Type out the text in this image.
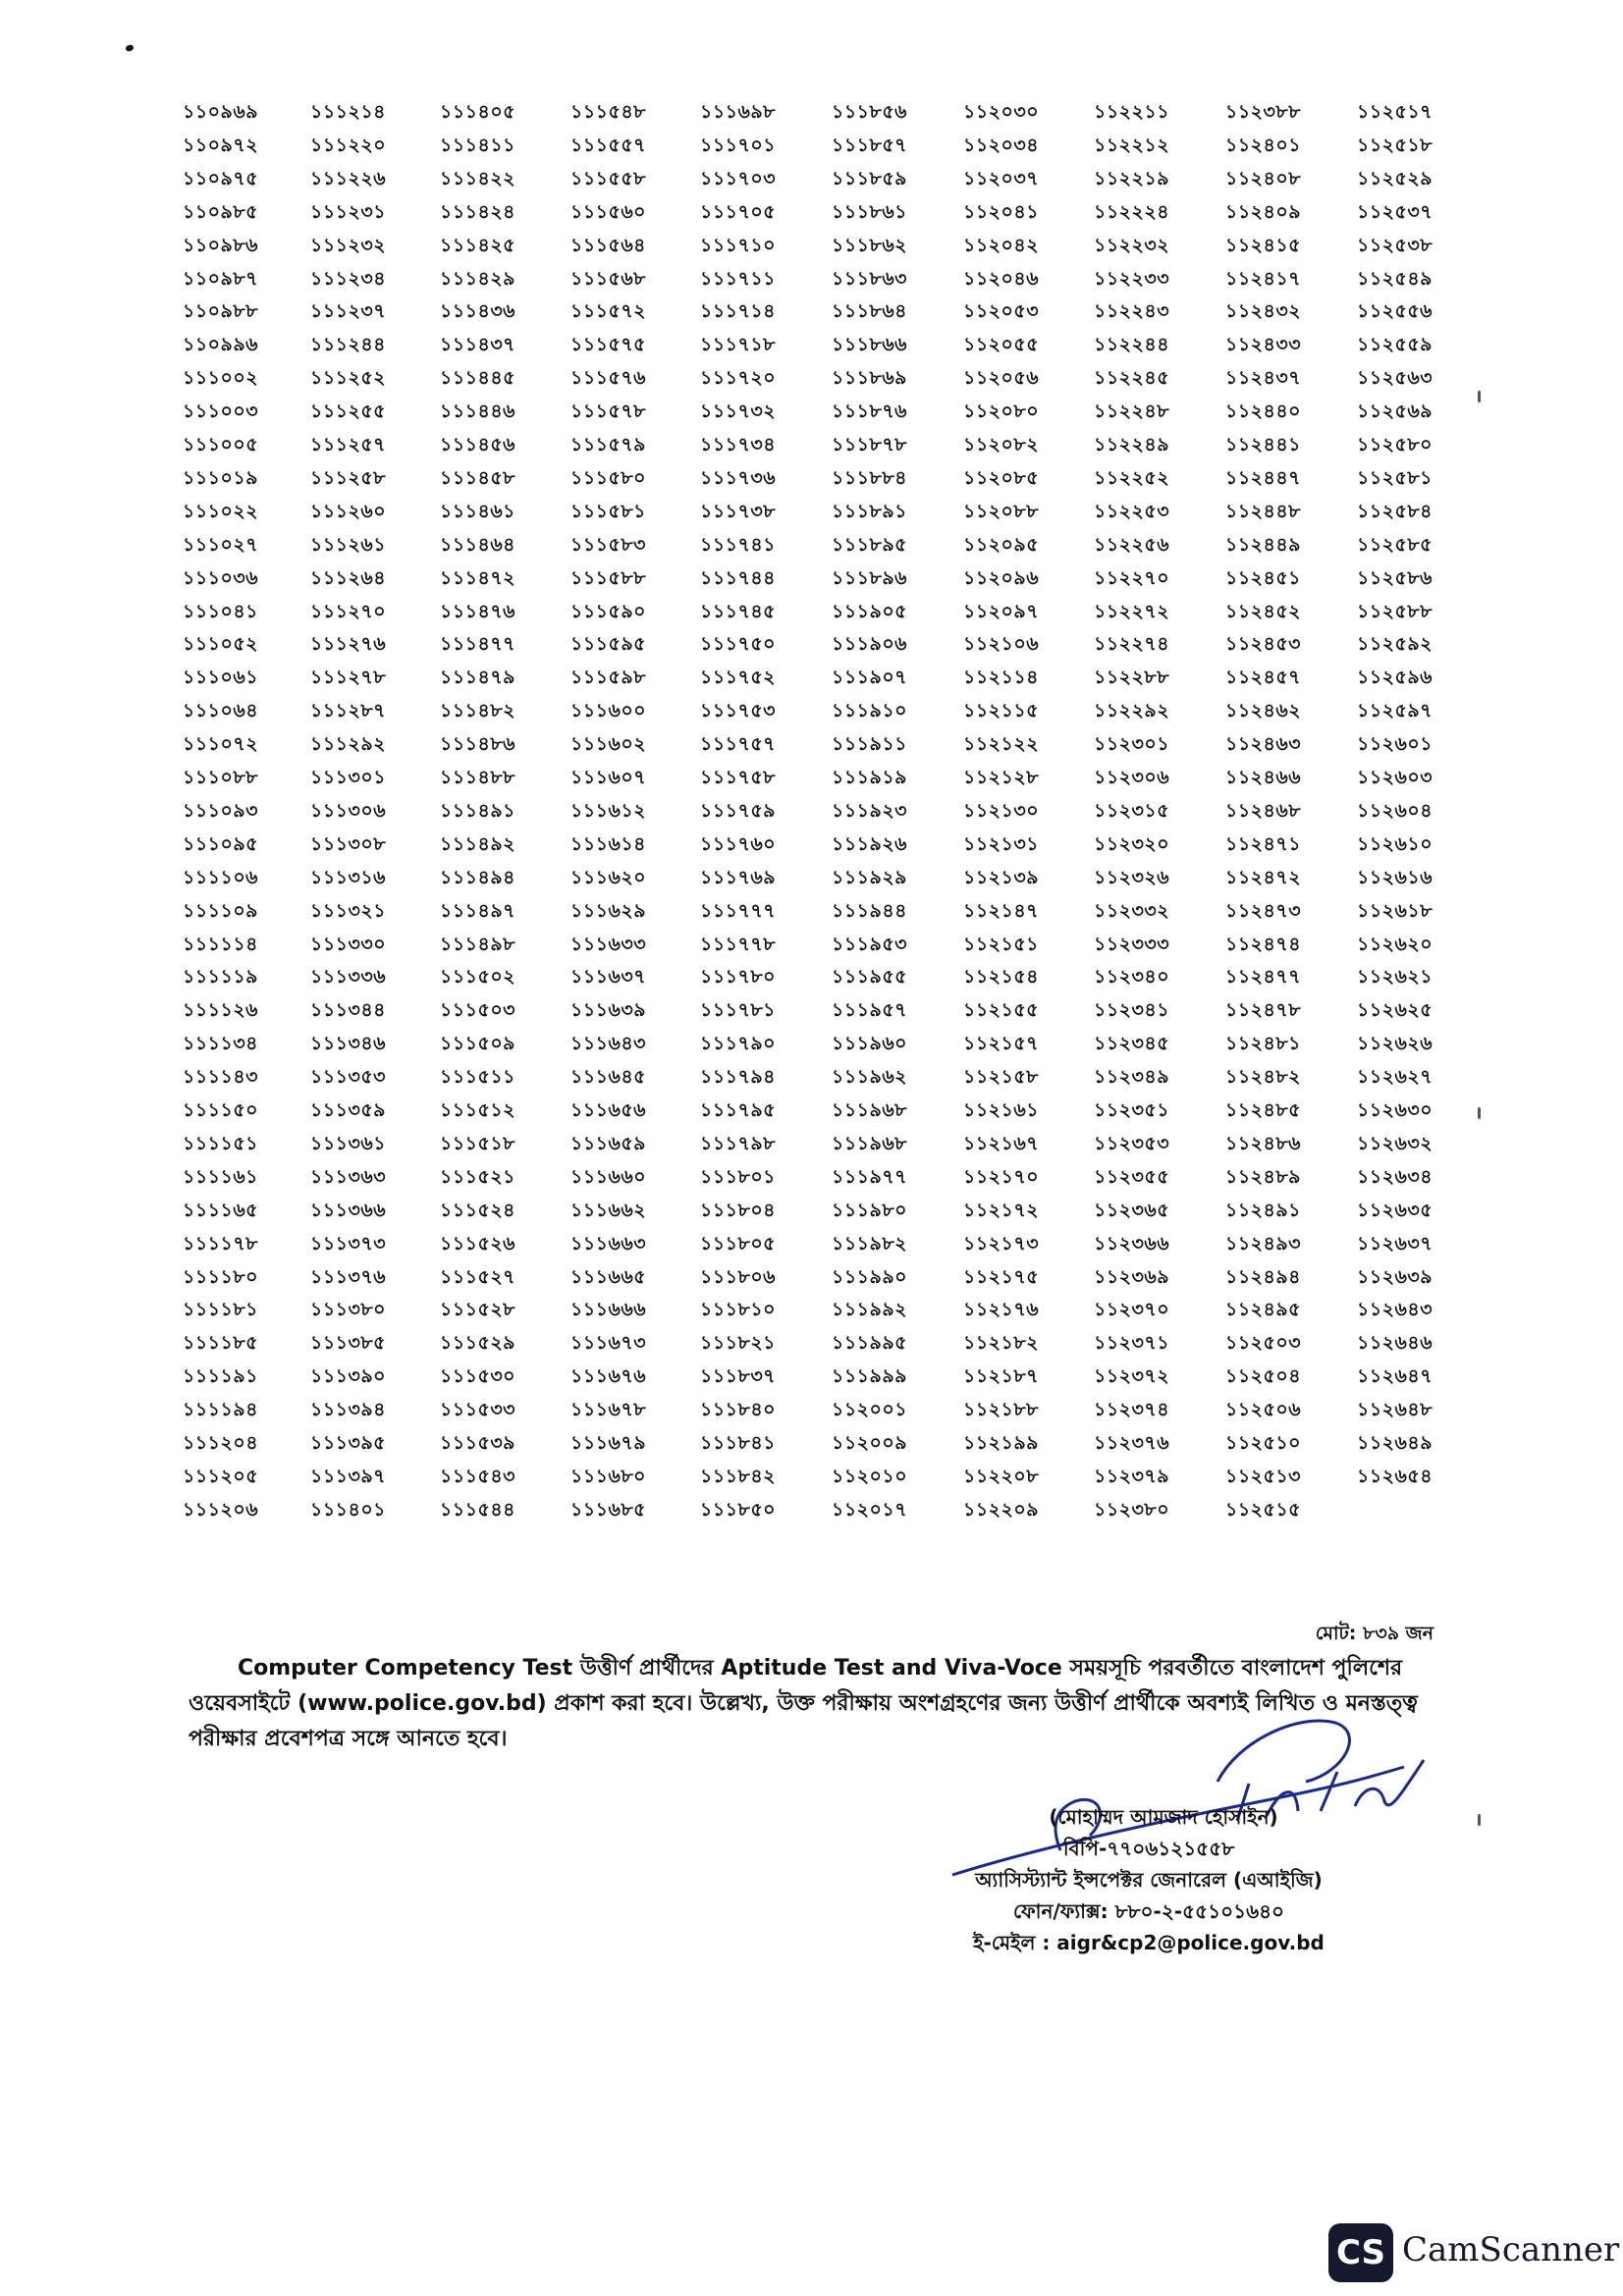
১১০৯৬৯
১১০৯৭২
১১০৯৭৫
১১০৯৮৫
১১০৯৮৬
১১০৯৮৭
১১০৯৮৮
১১০৯৯৬
১১১০০২
১১১০০৩
১১১০০৫
১১১০১৯
১১১০২২
১১১০২৭
১১১০৩৬
১১১০৪১
১১১০৫২
১১১০৬১
১১১০৬৪
১১১০৭২
১১১০৮৮
১১১০৯৩
১১১০৯৫
১১১১০৬
১১১১০৯
১১১১১৪
১১১১১৯
১১১১২৬
১১১১৩৪
১১১১৪৩
১১১১৫০
১১১১৫১
১১১১৬১
১১১১৬৫
১১১১৭৮
১১১১৮০
১১১১৮১
১১১১৮৫
১১১১৯১
১১১১৯৪
১১১২০৪
১১১২০৫
১১১২০৬
১১১২১৪
১১১২২০
১১১২২৬
১১১২৩১
১১১২৩২
১১১২৩৪
১১১২৩৭
১১১২৪৪
১১১২৫২
১১১২৫৫
১১১২৫৭
১১১২৫৮
১১১২৬০
১১১২৬১
১১১২৬৪
১১১২৭০
১১১২৭৬
১১১২৭৮
১১১২৮৭
১১১২৯২
১১১৩০১
১১১৩০৬
১১১৩০৮
১১১৩১৬
১১১৩২১
১১১৩৩০
১১১৩৩৬
১১১৩৪৪
১১১৩৪৬
১১১৩৫৩
১১১৩৫৯
১১১৩৬১
১১১৩৬৩
১১১৩৬৬
১১১৩৭৩
১১১৩৭৬
১১১৩৮০
১১১৩৮৫
১১১৩৯০
১১১৩৯৪
১১১৩৯৫
১১১৩৯৭
১১১৪০১
১১১৪০৫
১১১৪১১
১১১৪২২
১১১৪২৪
১১১৪২৫
১১১৪২৯
১১১৪৩৬
১১১৪৩৭
১১১৪৪৫
১১১৪৪৬
১১১৪৫৬
১১১৪৫৮
১১১৪৬১
১১১৪৬৪
১১১৪৭২
১১১৪৭৬
১১১৪৭৭
১১১৪৭৯
১১১৪৮২
১১১৪৮৬
১১১৪৮৮
১১১৪৯১
১১১৪৯২
১১১৪৯৪
১১১৪৯৭
১১১৪৯৮
১১১৫০২
১১১৫০৩
১১১৫০৯
১১১৫১১
১১১৫১২
১১১৫১৮
১১১৫২১
১১১৫২৪
১১১৫২৬
১১১৫২৭
১১১৫২৮
১১১৫২৯
১১১৫৩০
১১১৫৩৩
১১১৫৩৯
১১১৫৪৩
১১১৫৪৪
১১১৫৪৮
১১১৫৫৭
১১১৫৫৮
১১১৫৬০
১১১৫৬৪
১১১৫৬৮
১১১৫৭২
১১১৫৭৫
১১১৫৭৬
১১১৫৭৮
১১১৫৭৯
১১১৫৮০
১১১৫৮১
১১১৫৮৩
১১১৫৮৮
১১১৫৯০
১১১৫৯৫
১১১৫৯৮
১১১৬০০
১১১৬০২
১১১৬০৭
১১১৬১২
১১১৬১৪
১১১৬২০
১১১৬২৯
১১১৬৩৩
১১১৬৩৭
১১১৬৩৯
১১১৬৪৩
১১১৬৪৫
১১১৬৫৬
১১১৬৫৯
১১১৬৬০
১১১৬৬২
১১১৬৬৩
১১১৬৬৫
১১১৬৬৬
১১১৬৭৩
১১১৬৭৬
১১১৬৭৮
১১১৬৭৯
১১১৬৮০
১১১৬৮৫
১১১৬৯৮
১১১৭০১
১১১৭০৩
১১১৭০৫
১১১৭১০
১১১৭১১
১১১৭১৪
১১১৭১৮
১১১৭২০
১১১৭৩২
১১১৭৩৪
১১১৭৩৬
১১১৭৩৮
১১১৭৪১
১১১৭৪৪
১১১৭৪৫
১১১৭৫০
১১১৭৫২
১১১৭৫৩
১১১৭৫৭
১১১৭৫৮
১১১৭৫৯
১১১৭৬০
১১১৭৬৯
১১১৭৭৭
১১১৭৭৮
১১১৭৮০
১১১৭৮১
১১১৭৯০
১১১৭৯৪
১১১৭৯৫
১১১৭৯৮
১১১৮০১
১১১৮০৪
১১১৮০৫
১১১৮০৬
১১১৮১০
১১১৮২১
১১১৮৩৭
১১১৮৪০
১১১৮৪১
১১১৮৪২
১১১৮৫০
১১১৮৫৬
১১১৮৫৭
১১১৮৫৯
১১১৮৬১
১১১৮৬২
১১১৮৬৩
১১১৮৬৪
১১১৮৬৬
১১১৮৬৯
১১১৮৭৬
১১১৮৭৮
১১১৮৮৪
১১১৮৯১
১১১৮৯৫
১১১৮৯৬
১১১৯০৫
১১১৯০৬
১১১৯০৭
১১১৯১০
১১১৯১১
১১১৯১৯
১১১৯২৩
১১১৯২৬
১১১৯২৯
১১১৯৪৪
১১১৯৫৩
১১১৯৫৫
১১১৯৫৭
১১১৯৬০
১১১৯৬২
১১১৯৬৮
১১১৯৬৮
১১১৯৭৭
১১১৯৮০
১১১৯৮২
১১১৯৯০
১১১৯৯২
১১১৯৯৫
১১১৯৯৯
১১২০০১
১১২০০৯
১১২০১০
১১২০১৭
১১২০৩০
১১২০৩৪
১১২০৩৭
১১২০৪১
১১২০৪২
১১২০৪৬
১১২০৫৩
১১২০৫৫
১১২০৫৬
১১২০৮০
১১২০৮২
১১২০৮৫
১১২০৮৮
১১২০৯৫
১১২০৯৬
১১২০৯৭
১১২১০৬
১১২১১৪
১১২১১৫
১১২১২২
১১২১২৮
১১২১৩০
১১২১৩১
১১২১৩৯
১১২১৪৭
১১২১৫১
১১২১৫৪
১১২১৫৫
১১২১৫৭
১১২১৫৮
১১২১৬১
১১২১৬৭
১১২১৭০
১১২১৭২
১১২১৭৩
১১২১৭৫
১১২১৭৬
১১২১৮২
১১২১৮৭
১১২১৮৮
১১২১৯৯
১১২২০৮
১১২২০৯
১১২২১১
১১২২১২
১১২২১৯
১১২২২৪
১১২২৩২
১১২২৩৩
১১২২৪৩
১১২২৪৪
১১২২৪৫
১১২২৪৮
১১২২৪৯
১১২২৫২
১১২২৫৩
১১২২৫৬
১১২২৭০
১১২২৭২
১১২২৭৪
১১২২৮৮
১১২২৯২
১১২৩০১
১১২৩০৬
১১২৩১৫
১১২৩২০
১১২৩২৬
১১২৩৩২
১১২৩৩৩
১১২৩৪০
১১২৩৪১
১১২৩৪৫
১১২৩৪৯
১১২৩৫১
১১২৩৫৩
১১২৩৫৫
১১২৩৬৫
১১২৩৬৬
১১২৩৬৯
১১২৩৭০
১১২৩৭১
১১২৩৭২
১১২৩৭৪
১১২৩৭৬
১১২৩৭৯
১১২৩৮০
১১২৩৮৮
১১২৪০১
১১২৪০৮
১১২৪০৯
১১২৪১৫
১১২৪১৭
১১২৪৩২
১১২৪৩৩
১১২৪৩৭
১১২৪৪০
১১২৪৪১
১১২৪৪৭
১১২৪৪৮
১১২৪৪৯
১১২৪৫১
১১২৪৫২
১১২৪৫৩
১১২৪৫৭
১১২৪৬২
১১২৪৬৩
১১২৪৬৬
১১২৪৬৮
১১২৪৭১
১১২৪৭২
১১২৪৭৩
১১২৪৭৪
১১২৪৭৭
১১২৪৭৮
১১২৪৮১
১১২৪৮২
১১২৪৮৫
১১২৪৮৬
১১২৪৮৯
১১২৪৯১
১১২৪৯৩
১১২৪৯৪
১১২৪৯৫
১১২৫০৩
১১২৫০৪
১১২৫০৬
১১২৫১০
১১২৫১৩
১১২৫১৫
১১২৫১৭
১১২৫১৮
১১২৫২৯
১১২৫৩৭
১১২৫৩৮
১১২৫৪৯
১১২৫৫৬
১১২৫৫৯
১১২৫৬৩
১১২৫৬৯
১১২৫৮০
১১২৫৮১
১১২৫৮৪
১১২৫৮৫
১১২৫৮৬
১১২৫৮৮
১১২৫৯২
১১২৫৯৬
১১২৫৯৭
১১২৬০১
১১২৬০৩
১১২৬০৪
১১২৬১০
১১২৬১৬
১১২৬১৮
১১২৬২০
১১২৬২১
১১২৬২৫
১১২৬২৬
১১২৬২৭
১১২৬৩০
১১২৬৩২
১১২৬৩৪
১১২৬৩৫
১১২৬৩৭
১১২৬৩৯
১১২৬৪৩
১১২৬৪৬
১১২৬৪৭
১১২৬৪৮
১১২৬৪৯
১১২৬৫৪
মোট: ৮৩৯ জন
Computer Competency Test উত্তীর্ণ প্রার্থীদের Aptitude Test and Viva-Voce সময়সূচি পরবর্তীতে বাংলাদেশ পুলিশের ওয়েবসাইটে (www.police.gov.bd) প্রকাশ করা হবে। উল্লেখ্য, উক্ত পরীক্ষায় অংশগ্রহণের জন্য উত্তীর্ণ প্রার্থীকে অবশ্যই লিখিত ও মনস্তত্ত্ব পরীক্ষার প্রবেশপত্র সঙ্গে আনতে হবে।
(মোহাম্মদ আমজাদ হোসাইন)
বিপি-৭৭০৬১২১৫৫৮
অ্যাসিস্ট্যান্ট ইন্সপেক্টর জেনারেল (এআইজি)
ফোন/ফ্যাক্স: ৮৮০-২-৫৫১০১৬৪০
ই-মেইল : aigr&cp2@police.gov.bd
CS CamScanner
